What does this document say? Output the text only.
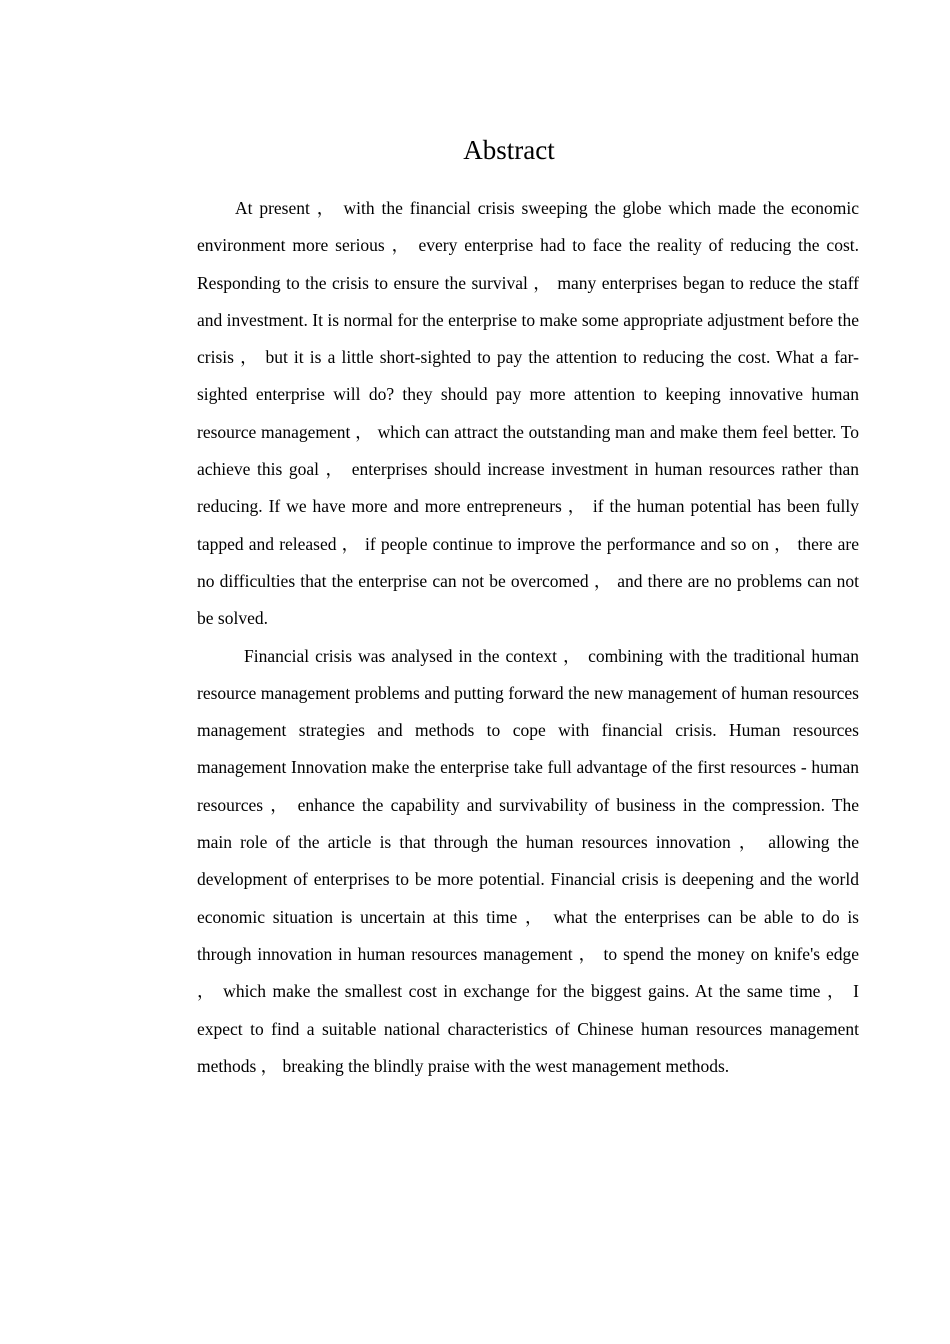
Abstract

At present ， with the financial crisis sweeping the globe which made the economic environment more serious ， every enterprise had to face the reality of reducing the cost. Responding to the crisis to ensure the survival ， many enterprises began to reduce the staff and investment. It is normal for the enterprise to make some appropriate adjustment before the crisis ， but it is a little short-sighted to pay the attention to reducing the cost. What a far-sighted enterprise will do? they should pay more attention to keeping innovative human resource management ， which can attract the outstanding man and make them feel better. To achieve this goal ， enterprises should increase investment in human resources rather than reducing. If we have more and more entrepreneurs ， if the human potential has been fully tapped and released ， if people continue to improve the performance and so on ， there are no difficulties that the enterprise can not be overcomed ， and there are no problems can not be solved.

Financial crisis was analysed in the context ， combining with the traditional human resource management problems and putting forward the new management of human resources management strategies and methods to cope with financial crisis. Human resources management Innovation make the enterprise take full advantage of the first resources - human resources ， enhance the capability and survivability of business in the compression. The main role of the article is that through the human resources innovation ， allowing the development of enterprises to be more potential. Financial crisis is deepening and the world economic situation is uncertain at this time ， what the enterprises can be able to do is through innovation in human resources management ， to spend the money on knife's edge ， which make the smallest cost in exchange for the biggest gains. At the same time ， I expect to find a suitable national characteristics of Chinese human resources management methods ， breaking the blindly praise with the west management methods.
